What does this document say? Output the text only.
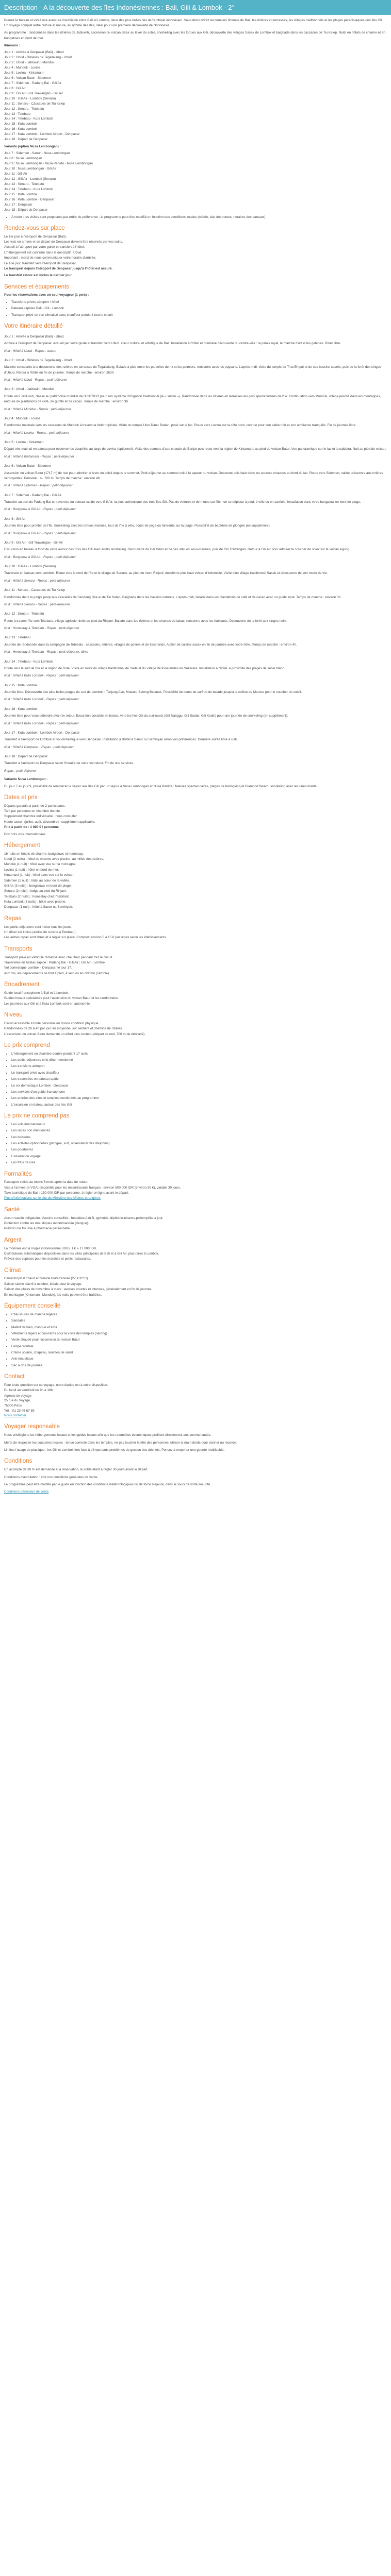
Description - A la découverte des îles Indonésiennes : Bali, Gili & Lombok - 2°

Prenez le bateau et vivez une aventure inoubliable entre Bali et Lombok, deux des plus belles îles de l'archipel indonésien. Vous découvrirez les temples hindous de Bali, les rizières en terrasses, les villages traditionnels et les plages paradisiaques des îles Gili. Un voyage complet entre culture et nature, au rythme des îles, idéal pour une première découverte de l'Indonésie.

Au programme : randonnées dans les rizières de Jatiluwih, ascension du volcan Batur au lever du soleil, snorkeling avec les tortues aux Gili, découverte des villages Sasak de Lombok et baignade dans les cascades de Tiu Kelep. Nuits en hôtels de charme et en bungalows en bord de mer.

Itinéraire :
Jour 1 : Arrivée à Denpasar (Bali) - Ubud
Jour 2 : Ubud - Rizières de Tegallalang - Ubud
Jour 3 : Ubud - Jatiluwih - Munduk
Jour 4 : Munduk - Lovina
Jour 5 : Lovina - Kintamani
Jour 6 : Volcan Batur - Sidemen
Jour 7 : Sidemen - Padang Bai - Gili Air
Jour 8 : Gili Air
Jour 9 : Gili Air - Gili Trawangan - Gili Air
Jour 10 : Gili Air - Lombok (Senaru)
Jour 11 : Senaru - Cascades de Tiu Kelep
Jour 12 : Senaru - Tetebatu
Jour 13 : Tetebatu
Jour 14 : Tetebatu - Kuta Lombok
Jour 15 : Kuta Lombok
Jour 16 : Kuta Lombok
Jour 17 : Kuta Lombok - Lombok Airport - Denpasar
Jour 18 : Départ de Denpasar
Variante (option Nusa Lembongan) :
Jour 7 : Sidemen - Sanur - Nusa Lembongan
Jour 8 : Nusa Lembongan
Jour 9 : Nusa Lembongan - Nusa Penida - Nusa Lembongan
Jour 10 : Nusa Lembongan - Gili Air
Jour 11 : Gili Air
Jour 12 : Gili Air - Lombok (Senaru)
Jour 13 : Senaru - Tetebatu
Jour 14 : Tetebatu - Kuta Lombok
Jour 15 : Kuta Lombok
Jour 16 : Kuta Lombok - Denpasar
Jour 17 : Denpasar
Jour 18 : Départ de Denpasar
• À noter : les visites sont proposées par ordre de préférence ; le programme peut être modifié en fonction des conditions locales (météo, état des routes, horaires des bateaux).
Rendez-vous sur place
Le 1er jour à l'aéroport de Denpasar (Bali).
Les vols en arrivée et en départ de Denpasar doivent être réservés par vos soins.
Accueil à l'aéroport par votre guide et transfert à l'hôtel.
L'hébergement est confirmé dans le descriptif : Ubud.
Important : merci de nous communiquer votre horaire d'arrivée.
Le 18e jour, transfert vers l'aéroport de Denpasar.
Le transport depuis l'aéroport de Denpasar jusqu'à l'hôtel est assuré.
Le transfert retour est inclus le dernier jour.
Services et équipements
Pour les réservations avec un seul voyageur (1 pers) :
• Transferts privés aéroport / hôtel
• Bateaux rapides Bali - Gili - Lombok
• Transport privé en van climatisé avec chauffeur pendant tout le circuit
Votre itinéraire détaillé
Jour 1 : Arrivée à Denpasar (Bali) - Ubud

Arrivée à l'aéroport de Denpasar. Accueil par votre guide et transfert vers Ubud, cœur culturel et artistique de Bali. Installation à l'hôtel et première découverte du centre-ville : le palais royal, le marché d'art et les galeries. Dîner libre.

Nuit : Hôtel à Ubud - Repas : aucun
Jour 2 : Ubud - Rizières de Tegallalang - Ubud

Matinée consacrée à la découverte des rizières en terrasses de Tegallalang. Balade à pied entre les parcelles de riz et les palmiers, rencontre avec les paysans. L'après-midi, visite du temple de Tirta Empul et de ses bassins sacrés, puis de la forêt des singes d'Ubud. Retour à l'hôtel en fin de journée. Temps de marche : environ 2h30.

Nuit : Hôtel à Ubud - Repas : petit-déjeuner
Jour 3 : Ubud - Jatiluwih - Munduk

Route vers Jatiluwih, classé au patrimoine mondial de l'UNESCO pour son système d'irrigation traditionnel (le « subak »). Randonnée dans les rizières en terrasses les plus spectaculaires de l'île. Continuation vers Munduk, village perché dans les montagnes, entouré de plantations de café, de girofle et de cacao. Temps de marche : environ 3h.

Nuit : Hôtel à Munduk - Repas : petit-déjeuner
Jour 4 : Munduk - Lovina

Randonnée matinale vers les cascades de Munduk à travers la forêt tropicale. Visite du temple Ulun Danu Bratan, posé sur le lac. Route vers Lovina sur la côte nord, connue pour son sable noir et son ambiance tranquille. Fin de journée libre.

Nuit : Hôtel à Lovina - Repas : petit-déjeuner
Jour 5 : Lovina - Kintamani

Départ très matinal en bateau pour observer les dauphins au large de Lovina (optionnel). Visite des sources d'eau chaude de Banjar puis route vers la région de Kintamani, au pied du volcan Batur. Vue panoramique sur le lac et la caldeira. Nuit au pied du volcan.

Nuit : Hôtel à Kintamani - Repas : petit-déjeuner
Jour 6 : Volcan Batur - Sidemen

Ascension du volcan Batur (1717 m) de nuit pour admirer le lever du soleil depuis le sommet. Petit-déjeuner au sommet cuit à la vapeur du volcan. Descente puis bain dans les sources chaudes au bord du lac. Route vers Sidemen, vallée préservée aux rizières verdoyantes. Dénivelé : +/- 700 m. Temps de marche : environ 4h.

Nuit : Hôtel à Sidemen - Repas : petit-déjeuner
Jour 7 : Sidemen - Padang Bai - Gili Air

Transfert au port de Padang Bai et traversée en bateau rapide vers Gili Air, la plus authentique des trois îles Gili. Pas de voitures ni de motos sur l'île : on se déplace à pied, à vélo ou en carriole. Installation dans votre bungalow en bord de plage.

Nuit : Bungalow à Gili Air - Repas : petit-déjeuner
Jour 8 : Gili Air

Journée libre pour profiter de l'île. Snorkeling avec les tortues marines, tour de l'île à vélo, cours de yoga ou farniente sur la plage. Possibilité de baptême de plongée (en supplément).

Nuit : Bungalow à Gili Air - Repas : petit-déjeuner
Jour 9 : Gili Air - Gili Trawangan - Gili Air

Excursion en bateau à fond de verre autour des trois îles Gili avec arrêts snorkeling. Découverte de Gili Meno et de ses statues sous-marines, puis de Gili Trawangan. Retour à Gili Air pour admirer le coucher de soleil sur le volcan Agung.

Nuit : Bungalow à Gili Air - Repas : petit-déjeuner
Jour 10 : Gili Air - Lombok (Senaru)

Traversée en bateau vers Lombok. Route vers le nord de l'île et le village de Senaru, au pied du mont Rinjani, deuxième plus haut volcan d'Indonésie. Visite d'un village traditionnel Sasak et découverte de son mode de vie.

Nuit : Hôtel à Senaru - Repas : petit-déjeuner
Jour 11 : Senaru - Cascades de Tiu Kelep

Randonnée dans la jungle jusqu'aux cascades de Sendang Gile et de Tiu Kelep. Baignade dans les bassins naturels. L'après-midi, balade dans les plantations de café et de cacao avec un guide local. Temps de marche : environ 3h.

Nuit : Hôtel à Senaru - Repas : petit-déjeuner
Jour 12 : Senaru - Tetebatu

Route à travers l'île vers Tetebatu, village agricole niché au pied du Rinjani. Balade dans les rizières et les champs de tabac, rencontre avec les habitants. Découverte de la forêt aux singes noirs.

Nuit : Homestay à Tetebatu - Repas : petit-déjeuner
Jour 13 : Tetebatu

Journée de randonnée dans la campagne de Tetebatu : cascades, rizières, villages de potiers et de tisserands. Atelier de cuisine sasak en fin de journée avec votre hôte. Temps de marche : environ 4h.

Nuit : Homestay à Tetebatu - Repas : petit-déjeuner, dîner
Jour 14 : Tetebatu - Kuta Lombok

Route vers le sud de l'île et la région de Kuta. Visite en route du village traditionnel de Sade et du village de tisserandes de Sukarara. Installation à l'hôtel, à proximité des plages de sable blanc.

Nuit : Hôtel à Kuta Lombok - Repas : petit-déjeuner
Jour 15 : Kuta Lombok

Journée libre. Découverte des plus belles plages du sud de Lombok : Tanjung Aan, Mawun, Selong Belanak. Possibilité de cours de surf ou de balade jusqu'à la colline de Merese pour le coucher du soleil.

Nuit : Hôtel à Kuta Lombok - Repas : petit-déjeuner
Jour 16 : Kuta Lombok

Journée libre pour vous détendre avant le retour. Excursion possible en bateau vers les îles Gili du sud-ouest (Gili Nanggu, Gili Sudak, Gili Kedis) pour une journée de snorkeling (en supplément).

Nuit : Hôtel à Kuta Lombok - Repas : petit-déjeuner
Jour 17 : Kuta Lombok - Lombok Airport - Denpasar

Transfert à l'aéroport de Lombok et vol domestique vers Denpasar. Installation à l'hôtel à Sanur ou Seminyak selon vos préférences. Dernière soirée libre à Bali.

Nuit : Hôtel à Denpasar - Repas : petit-déjeuner
Jour 18 : Départ de Denpasar

Transfert à l'aéroport de Denpasar selon l'horaire de votre vol retour. Fin de nos services.

Repas : petit-déjeuner
Variante Nusa Lembongan :

Du jour 7 au jour 9, possibilité de remplacer le séjour aux îles Gili par un séjour à Nusa Lembongan et Nusa Penida : falaises spectaculaires, plages de Kelingking et Diamond Beach, snorkeling avec les raies manta.

Dates et prix
Départs garantis à partir de 2 participants.
Tarif par personne en chambre double.
Supplément chambre individuelle : nous consulter.
Haute saison (juillet, août, décembre) : supplément applicable.
Prix à partir de : 1 890 € / personne
Prix hors vols internationaux.
Hébergement
16 nuits en hôtels de charme, bungalows et homestay.
Ubud (2 nuits) : hôtel de charme avec piscine, au milieu des rizières.
Munduk (1 nuit) : hôtel avec vue sur la montagne.
Lovina (1 nuit) : hôtel en bord de mer.
Kintamani (1 nuit) : hôtel avec vue sur le volcan.
Sidemen (1 nuit) : hôtel au cœur de la vallée.
Gili Air (3 nuits) : bungalows en bord de plage.
Senaru (2 nuits) : lodge au pied du Rinjani.
Tetebatu (2 nuits) : homestay chez l'habitant.
Kuta Lombok (3 nuits) : hôtel avec piscine.
Denpasar (1 nuit) : hôtel à Sanur ou Seminyak.
Repas
Les petits-déjeuners sont inclus tous les jours.
Un dîner est inclus (atelier de cuisine à Tetebatu).
Les autres repas sont libres et à régler sur place. Comptez environ 5 à 15 € par repas selon les établissements.
Transports
Transport privé en véhicule climatisé avec chauffeur pendant tout le circuit.
Traversées en bateau rapide : Padang Bai - Gili Air ; Gili Air - Lombok.
Vol domestique Lombok - Denpasar le jour 17.
Aux Gili, les déplacements se font à pied, à vélo ou en cidomo (carriole).
Encadrement
Guide local francophone à Bali et à Lombok.
Guides locaux spécialisés pour l'ascension du volcan Batur et les randonnées.
Les journées aux Gili et à Kuta Lombok sont en autonomie.
Niveau
Circuit accessible à toute personne en bonne condition physique.
Randonnées de 2h à 4h par jour en moyenne, sur sentiers et chemins de rizières.
L'ascension du volcan Batur demande un effort plus soutenu (départ de nuit, 700 m de dénivelé).
Le prix comprend
• L'hébergement en chambre double pendant 17 nuits
• Les petits-déjeuners et le dîner mentionné
• Les transferts aéroport
• Le transport privé avec chauffeur
• Les traversées en bateau rapide
• Le vol domestique Lombok - Denpasar
• Les services d'un guide francophone
• Les entrées des sites et temples mentionnés au programme
• L'excursion en bateau autour des îles Gili
Le prix ne comprend pas
• Les vols internationaux
• Les repas non mentionnés
• Les boissons
• Les activités optionnelles (plongée, surf, observation des dauphins)
• Les pourboires
• L'assurance voyage
• Les frais de visa
Formalités
Passeport valide au moins 6 mois après la date de retour.
Visa à l'arrivée (e-VOA) disponible pour les ressortissants français : environ 500 000 IDR (environ 30 €), valable 30 jours.
Taxe touristique de Bali : 150 000 IDR par personne, à régler en ligne avant le départ.
Plus d'informations sur le site du Ministère des Affaires étrangères
Santé
Aucun vaccin obligatoire. Vaccins conseillés : hépatites A et B, typhoïde, diphtérie-tétanos-poliomyélite à jour.
Protection contre les moustiques recommandée (dengue).
Prévoir une trousse à pharmacie personnelle.
Argent
La monnaie est la roupie indonésienne (IDR). 1 € ≈ 17 000 IDR.
Distributeurs automatiques disponibles dans les villes principales de Bali et à Gili Air, plus rares à Lombok.
Prévoir des espèces pour les marchés et petits restaurants.
Climat
Climat tropical chaud et humide toute l'année (27 à 32°C).
Saison sèche d'avril à octobre, idéale pour le voyage.
Saison des pluies de novembre à mars : averses courtes et intenses, généralement en fin de journée.
En montagne (Kintamani, Munduk), les nuits peuvent être fraîches.
Équipement conseillé
• Chaussures de marche légères
• Sandales
• Maillot de bain, masque et tuba
• Vêtements légers et couvrants pour la visite des temples (sarong)
• Veste chaude pour l'ascension du volcan Batur
• Lampe frontale
• Crème solaire, chapeau, lunettes de soleil
• Anti-moustique
• Sac à dos de journée
Contact
Pour toute question sur ce voyage, notre équipe est à votre disposition.
Du lundi au vendredi de 9h à 18h.
Agence de voyage
25 rue du Voyage
75000 Paris
Tél. : 01 23 45 67 89
Nous contacter
Voyager responsable

Nous privilégions les hébergements locaux et les guides locaux afin que les retombées économiques profitent directement aux communautés.

Merci de respecter les coutumes locales : tenue correcte dans les temples, ne pas toucher la tête des personnes, utiliser la main droite pour donner ou recevoir.

Limitez l'usage du plastique : les Gili et Lombok font face à d'importants problèmes de gestion des déchets. Pensez à emporter une gourde réutilisable.

Conditions

Un acompte de 30 % est demandé à la réservation, le solde étant à régler 30 jours avant le départ.

Conditions d'annulation : voir nos conditions générales de vente.

Le programme peut être modifié par le guide en fonction des conditions météorologiques ou de force majeure, dans le souci de votre sécurité.

Conditions générales de vente
